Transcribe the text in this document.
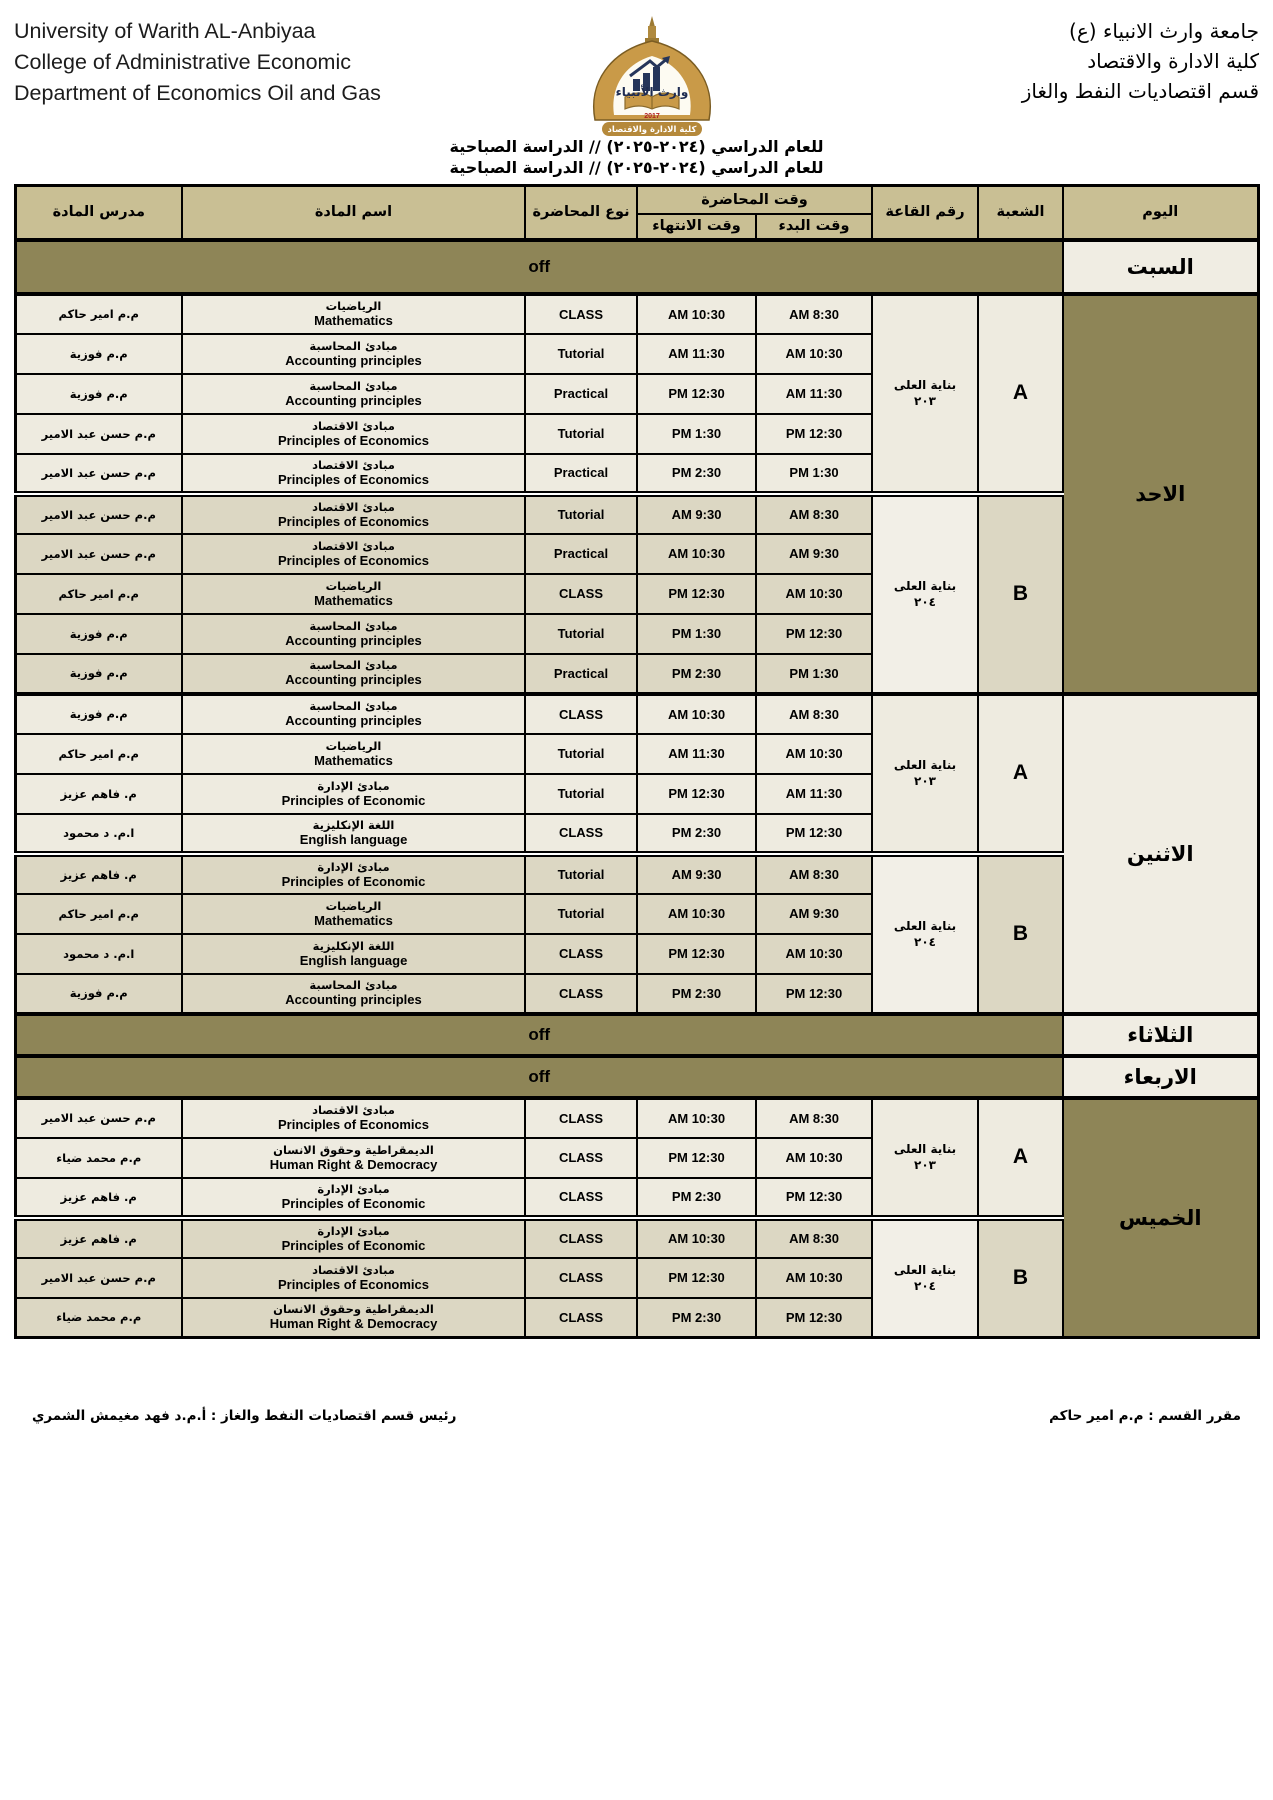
University of Warith AL-Anbiyaa
College of Administrative Economic
Department of Economics Oil and Gas	وارث الأنبياء
2017
كلية الادارة والاقتصاد
جامعة وارث الانبياء (ع)
كلية الادارة والاقتصاد
قسم اقتصاديات النفط والغاز
للعام الدراسي (٢٠٢٤-٢٠٢٥) // الدراسة الصباحية
للعام الدراسي (٢٠٢٤-٢٠٢٥) // الدراسة الصباحية
اليوم	الشعبة	رقم القاعة	وقت المحاضرة		نوع المحاضرة	اسم المادة	مدرس المادة
			وقت البدء	وقت الانتهاء			
السبت	off						
الاحد	A	
بناية العلى
٢٠٣
	8:30 AM	10:30 AM	CLASS	
الرياضيات
Mathematics
	م.م امير حاكم
			10:30 AM	11:30 AM	Tutorial	مبادئ المحاسبة
Accounting principles	م.م فوزية
			11:30 AM	12:30 PM	Practical	مبادئ المحاسبة
Accounting principles	م.م فوزية
			12:30 PM	1:30 PM	Tutorial	مبادئ الاقتصاد
Principles of Economics	م.م حسن عبد الامير
			1:30 PM	2:30 PM	Practical	مبادئ الاقتصاد
Principles of Economics	م.م حسن عبد الامير
B	
بناية العلى
٢٠٤
	8:30 AM	9:30 AM	Tutorial	
مبادئ الاقتصاد
Principles of Economics
	م.م حسن عبد الامير
			9:30 AM	10:30 AM	Practical	مبادئ الاقتصاد
Principles of Economics	م.م حسن عبد الامير
			10:30 AM	12:30 PM	CLASS	الرياضيات
Mathematics	م.م امير حاكم
			12:30 PM	1:30 PM	Tutorial	مبادئ المحاسبة
Accounting principles	م.م فوزية
			1:30 PM	2:30 PM	Practical	مبادئ المحاسبة
Accounting principles	م.م فوزية
الاثنين	A	
بناية العلى
٢٠٣
	8:30 AM	10:30 AM	CLASS	
مبادئ المحاسبة
Accounting principles
	م.م فوزية
			10:30 AM	11:30 AM	Tutorial	الرياضيات
Mathematics	م.م امير حاكم
			11:30 AM	12:30 PM	Tutorial	مبادئ الإدارة
Principles of Economic	م. فاهم عزيز
			12:30 PM	2:30 PM	CLASS	اللغة الإنكليزية
English language	ا.م. د محمود
B	
بناية العلى
٢٠٤
	8:30 AM	9:30 AM	Tutorial	
مبادئ الإدارة
Principles of Economic
	م. فاهم عزيز
			9:30 AM	10:30 AM	Tutorial	الرياضيات
Mathematics	م.م امير حاكم
			10:30 AM	12:30 PM	CLASS	اللغة الإنكليزية
English language	ا.م. د محمود
			12:30 PM	2:30 PM	CLASS	مبادئ المحاسبة
Accounting principles	م.م فوزية
الثلاثاء	off						
الاربعاء	off						
الخميس	A	
بناية العلى
٢٠٣
	8:30 AM	10:30 AM	CLASS	
مبادئ الاقتصاد
Principles of Economics
	م.م حسن عبد الامير
			10:30 AM	12:30 PM	CLASS	الديمقراطية وحقوق الانسان
Human Right & Democracy	م.م محمد ضياء
			12:30 PM	2:30 PM	CLASS	مبادئ الإدارة
Principles of Economic	م. فاهم عزيز
B	
بناية العلى
٢٠٤
	8:30 AM	10:30 AM	CLASS	
مبادئ الإدارة
Principles of Economic
	م. فاهم عزيز
			10:30 AM	12:30 PM	CLASS	مبادئ الاقتصاد
Principles of Economics	م.م حسن عبد الامير
			12:30 PM	2:30 PM	CLASS	الديمقراطية وحقوق الانسان
Human Right & Democracy	م.م محمد ضياء
رئيس قسم اقتصاديات النفط والغاز : أ.م.د فهد مغيمش الشمري	مقرر القسم : م.م امير حاكم
